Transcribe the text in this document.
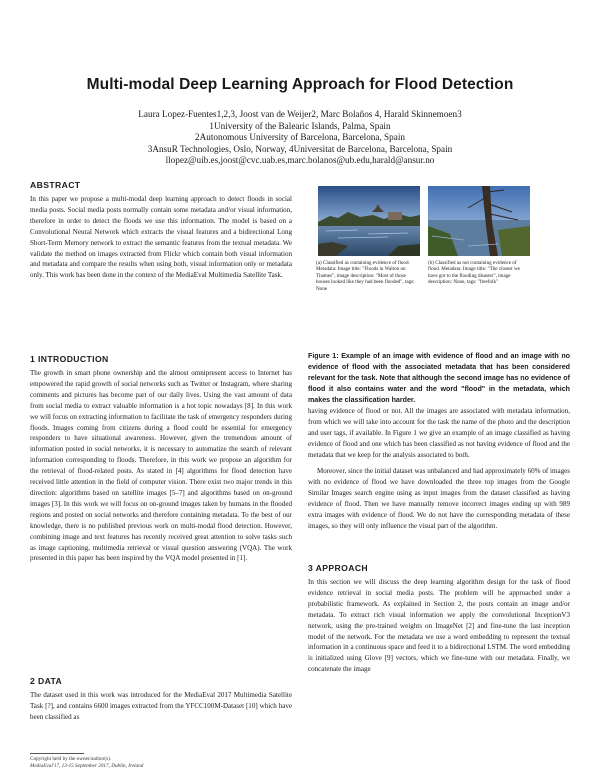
Multi-modal Deep Learning Approach for Flood Detection
Laura Lopez-Fuentes1,2,3, Joost van de Weijer2, Marc Bolaños 4, Harald Skinnemoen3
1University of the Balearic Islands, Palma, Spain
2Autonomous University of Barcelona, Barcelona, Spain
3AnsuR Technologies, Oslo, Norway, 4Universitat de Barcelona, Barcelona, Spain
llopez@uib.es,joost@cvc.uab.es,marc.bolanos@ub.edu,harald@ansur.no
ABSTRACT

In this paper we propose a multi-modal deep learning approach to detect floods in social media posts. Social media posts normally contain some metadata and/or visual information, therefore in order to detect the floods we use this information. The model is based on a Convolutional Neural Network which extracts the visual features and a bidirectional Long Short-Term Memory network to extract the semantic features from the textual metadata. We validate the method on images extracted from Flickr which contain both visual information and metadata and compare the results when using both, visual information only or metadata only. This work has been done in the context of the MediaEval Multimedia Satellite Task.

1 INTRODUCTION

The growth in smart phone ownership and the almost omnipresent access to Internet has empowered the rapid growth of social networks such as Twitter or Instagram, where sharing comments and pictures has become part of our daily lives. Using the vast amount of data from social media to extract valuable information is a hot topic nowadays [8]. In this work we will focus on extracting information to facilitate the task of emergency responders during floods. Images coming from citizens during a flood could be essential for emergency responders to have situational awareness. However, given the tremendous amount of information posted in social networks, it is necessary to automatize the search of relevant information corresponding to floods. Therefore, in this work we propose an algorithm for the retrieval of flood-related posts. As stated in [4] algorithms for flood detection have received little attention in the field of computer vision. There exist two major trends in this direction: algorithms based on satellite images [5–7] and algorithms based on on-ground images [3]. In this work we will focus on on-ground images taken by humans in the flooded regions and posted on social networks and therefore containing metadata. To the best of our knowledge, there is no published previous work on multi-modal flood detection. However, combining image and text features has recently received great attention to solve tasks such as image captioning, multimedia retrieval or visual question answering (VQA). The work presented in this paper has been inspired by the VQA model presented in [1].

2 DATA

The dataset used in this work was introduced for the MediaEval 2017 Multimedia Satellite Task [?], and contains 6600 images extracted from the YFCC100M-Dataset [10] which have been classified as

Copyright held by the owner/author(s).
MediaEval'17, 13-15 September 2017, Dublin, Ireland
(a) Classified as containing evidence of flood. Metadata: Image title: "Floods in Walton on Thames", image description: "Most of those houses looked like they had been flooded", tags: None
(b) Classified as not containing evidence of flood. Metadata: Image title: "The closest we have got to the flooding disaster", image description: None, tags: "freefolk"
Figure 1: Example of an image with evidence of flood and an image with no evidence of flood with the associated metadata that has been considered relevant for the task. Note that although the second image has no evidence of flood it also contains water and the word "flood" in the metadata, which makes the classification harder.

having evidence of flood or not. All the images are associated with metadata information, from which we will take into account for the task the name of the photo and the description and user tags, if available. In Figure 1 we give an example of an image classified as having evidence of flood and one which has been classified as not having evidence of flood and the metadata that we keep for the analysis associated to both.

Moreover, since the initial dataset was unbalanced and had approximately 60% of images with no evidence of flood we have downloaded the three top images from the Google Similar Images search engine using as input images from the dataset classified as having evidence of flood. Then we have manually remove incorrect images ending up with 989 extra images with evidence of flood. We do not have the corresponding metadata of these images, so they will only influence the visual part of the algorithm.

3 APPROACH

In this section we will discuss the deep learning algorithm design for the task of flood evidence retrieval in social media posts. The problem will be approached under a probabilistic framework. As explained in Section 2, the posts contain an image and/or metadata. To extract rich visual information we apply the convolutional InceptionV3 network, using the pre-trained weights on ImageNet [2] and fine-tune the last inception model of the network. For the metadata we use a word embedding to represent the textual information in a continuous space and feed it to a bidirectional LSTM. The word embedding is initialized using Glove [9] vectors, which we fine-tune with our metadata. Finally, we concatenate the image
